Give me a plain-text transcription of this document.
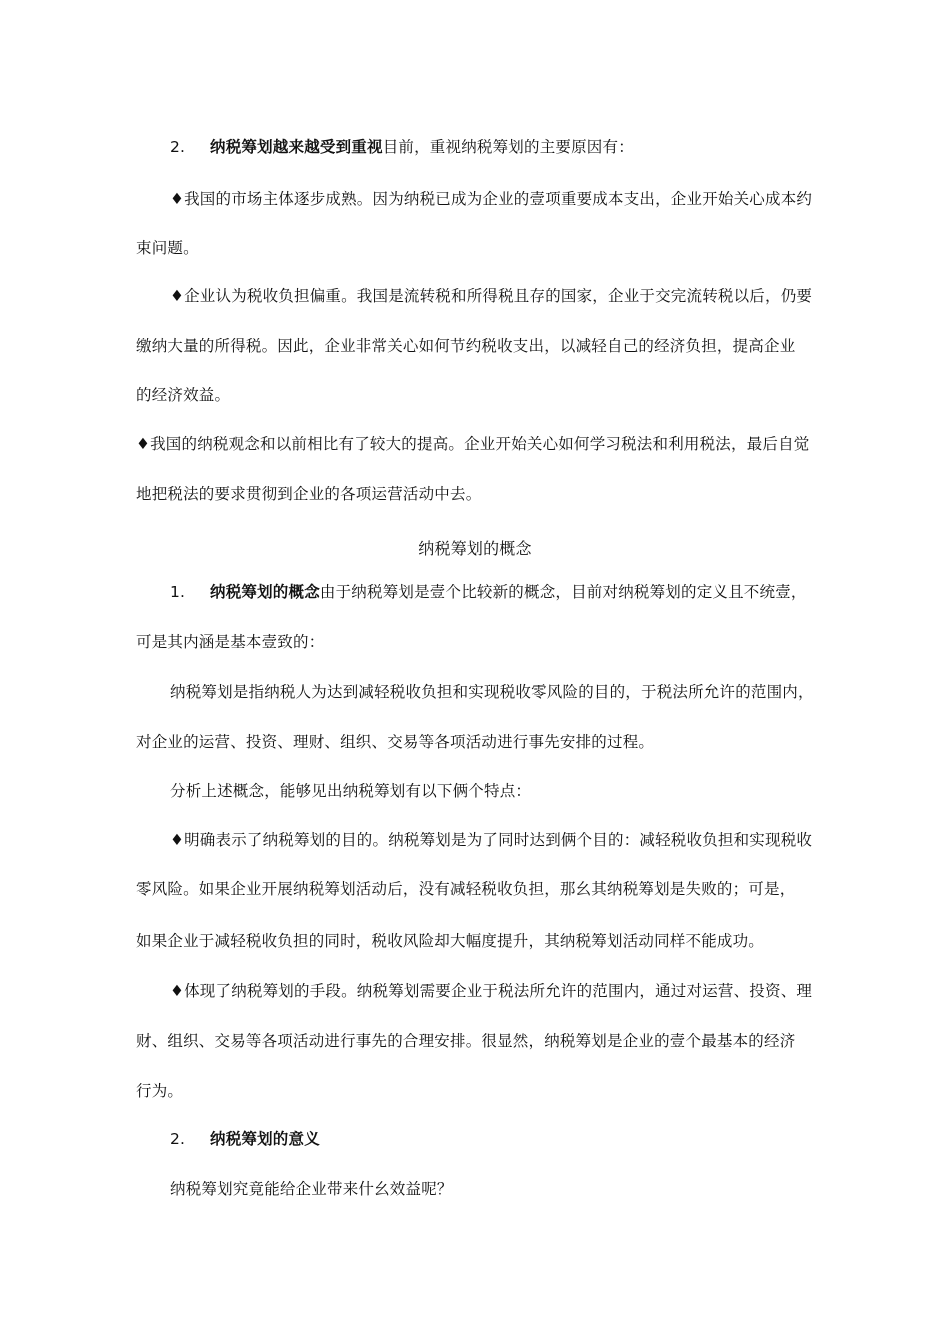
2. 纳税筹划越来越受到重视目前，重视纳税筹划的主要原因有：
♦我国的市场主体逐步成熟。因为纳税已成为企业的壹项重要成本支出，企业开始关心成本约
束问题。
♦企业认为税收负担偏重。我国是流转税和所得税且存的国家，企业于交完流转税以后，仍要
缴纳大量的所得税。因此，企业非常关心如何节约税收支出，以减轻自己的经济负担，提高企业
的经济效益。
♦我国的纳税观念和以前相比有了较大的提高。企业开始关心如何学习税法和利用税法，最后自觉
地把税法的要求贯彻到企业的各项运营活动中去。
纳税筹划的概念
1. 纳税筹划的概念由于纳税筹划是壹个比较新的概念，目前对纳税筹划的定义且不统壹，
可是其内涵是基本壹致的：
纳税筹划是指纳税人为达到减轻税收负担和实现税收零风险的目的，于税法所允许的范围内，
对企业的运营、投资、理财、组织、交易等各项活动进行事先安排的过程。
分析上述概念，能够见出纳税筹划有以下俩个特点：
♦明确表示了纳税筹划的目的。纳税筹划是为了同时达到俩个目的：减轻税收负担和实现税收
零风险。如果企业开展纳税筹划活动后，没有减轻税收负担，那幺其纳税筹划是失败的；可是，
如果企业于减轻税收负担的同时，税收风险却大幅度提升，其纳税筹划活动同样不能成功。
♦体现了纳税筹划的手段。纳税筹划需要企业于税法所允许的范围内，通过对运营、投资、理
财、组织、交易等各项活动进行事先的合理安排。很显然，纳税筹划是企业的壹个最基本的经济
行为。
2. 纳税筹划的意义
纳税筹划究竟能给企业带来什幺效益呢？
